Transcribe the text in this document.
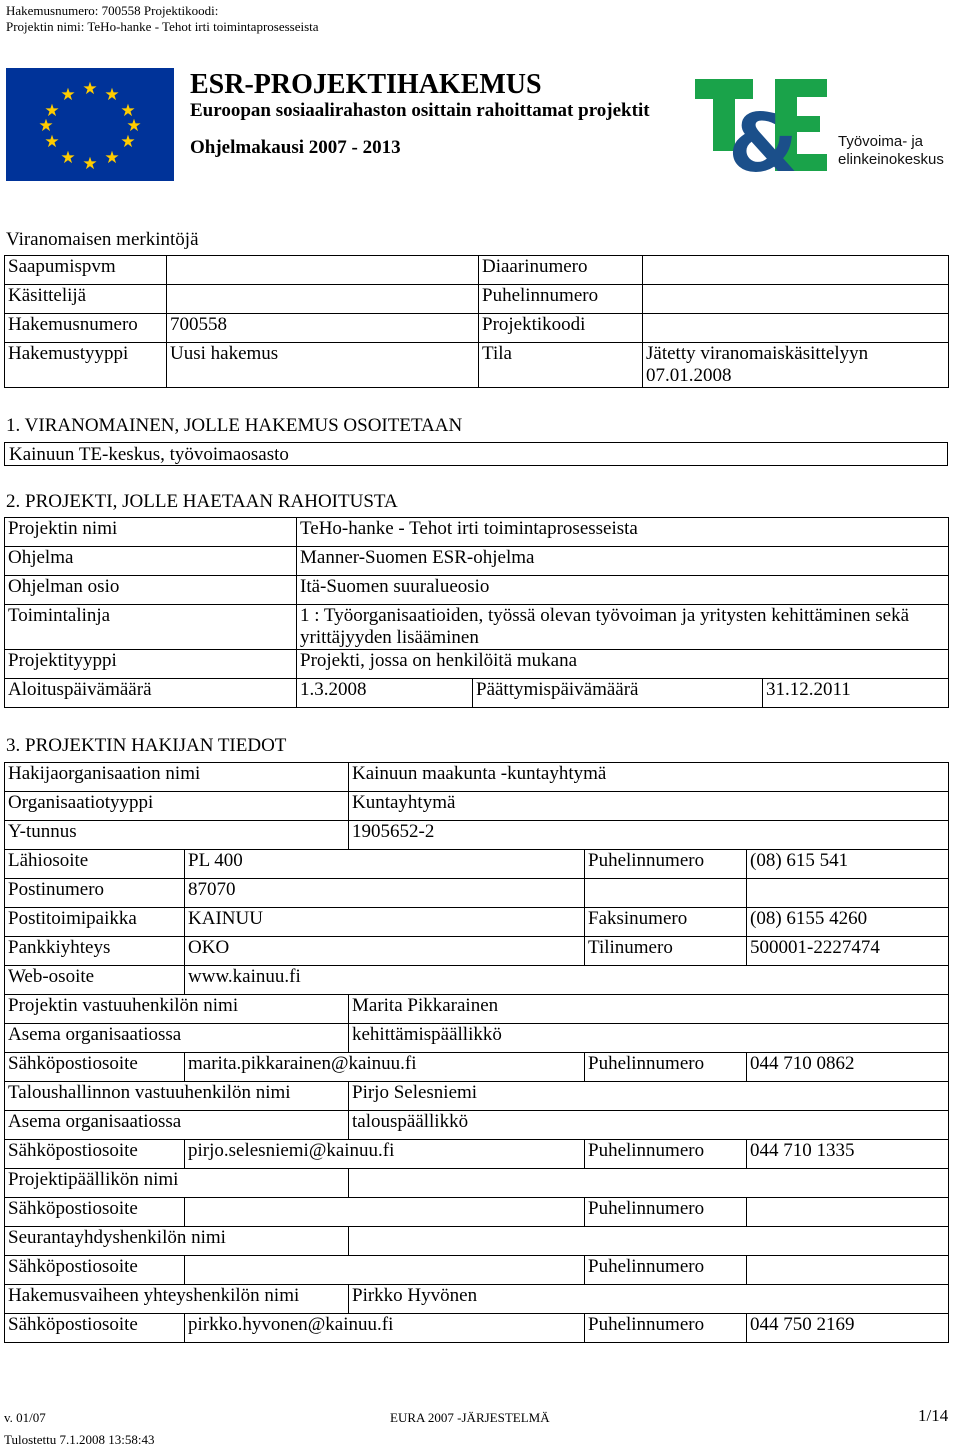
Hakemusnumero: 700558 Projektikoodi:
Projektin nimi: TeHo-hanke - Tehot irti toimintaprosesseista
★ ★
★
★
★
★
★
★
★
★
★
★	ESR-PROJEKTIHAKEMUS
Euroopan sosiaalirahaston osittain rahoittamat projektit
Ohjelmakausi 2007 - 2013	&	Työvoima- ja
elinkeinokeskus
Viranomaisen merkintöjä
Saapumispvm		Diaarinumero	
Käsittelijä		Puhelinnumero	
Hakemusnumero	700558	Projektikoodi	
Hakemustyyppi	Uusi hakemus	Tila	Jätetty viranomaiskäsittelyyn 07.01.2008
1. VIRANOMAINEN, JOLLE HAKEMUS OSOITETAAN
Kainuun TE-keskus, työvoimaosasto
2. PROJEKTI, JOLLE HAETAAN RAHOITUSTA
Projektin nimi	TeHo-hanke - Tehot irti toimintaprosesseista		
Ohjelma	Manner-Suomen ESR-ohjelma		
Ohjelman osio	Itä-Suomen suuralueosio		
Toimintalinja	1 : Työorganisaatioiden, työssä olevan työvoiman ja yritysten kehittäminen sekä yrittäjyyden lisääminen		
Projektityyppi	Projekti, jossa on henkilöitä mukana		
Aloituspäivämäärä	1.3.2008	Päättymispäivämäärä	31.12.2011
3. PROJEKTIN HAKIJAN TIEDOT
Hakijaorganisaation nimi		Kainuun maakunta -kuntayhtymä		
Organisaatiotyyppi		Kuntayhtymä		
Y-tunnus		1905652-2		
Lähiosoite	PL 400		Puhelinnumero	(08) 615 541
Postinumero	87070			
Postitoimipaikka	KAINUU		Faksinumero	(08) 6155 4260
Pankkiyhteys	OKO		Tilinumero	500001-2227474
Web-osoite	www.kainuu.fi			
Projektin vastuuhenkilön nimi		Marita Pikkarainen		
Asema organisaatiossa		kehittämispäällikkö		
Sähköpostiosoite	marita.pikkarainen@kainuu.fi		Puhelinnumero	044 710 0862
Taloushallinnon vastuuhenkilön nimi		Pirjo Selesniemi		
Asema organisaatiossa		talouspäällikkö		
Sähköpostiosoite	pirjo.selesniemi@kainuu.fi		Puhelinnumero	044 710 1335
Projektipäällikön nimi				
Sähköpostiosoite			Puhelinnumero	
Seurantayhdyshenkilön nimi				
Sähköpostiosoite			Puhelinnumero	
Hakemusvaiheen yhteyshenkilön nimi		Pirkko Hyvönen		
Sähköpostiosoite	pirkko.hyvonen@kainuu.fi		Puhelinnumero	044 750 2169
v. 01/07	EURA 2007 -JÄRJESTELMÄ	1/14
Tulostettu 7.1.2008 13:58:43
